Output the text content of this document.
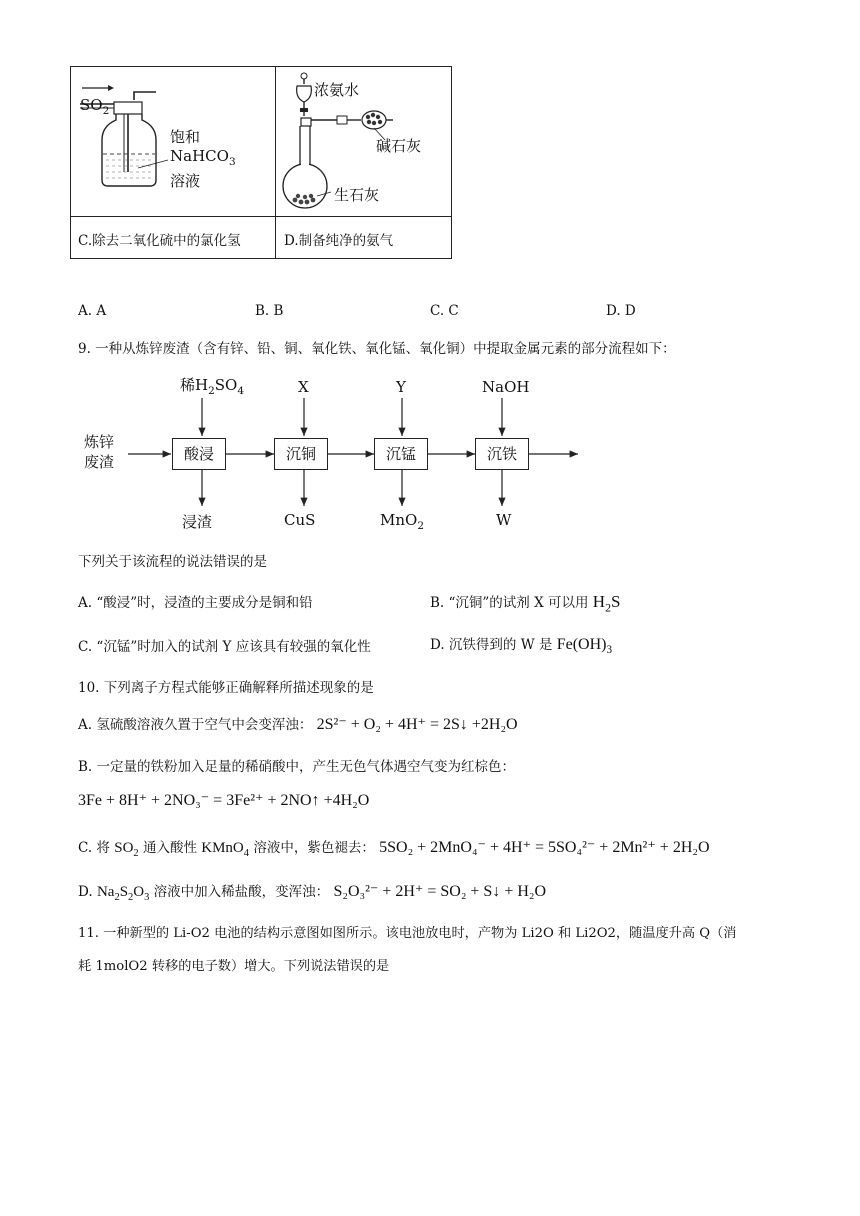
$SO_2$
饱和
NaHCO$_3$
溶液
C.除去二氧化硫中的氯化氢
浓氨水
碱石灰
生石灰
D.制备纯净的氨气
A. A	B. B	C. C	D. D
9. 一种从炼锌废渣（含有锌、铅、铜、氧化铁、氧化锰、氧化铜）中提取金属元素的部分流程如下：
炼锌
废渣	酸浸	沉铜	沉锰	沉铁
稀$H_2SO_4$	X	Y	NaOH
浸渣	CuS	MnO$_2$	W
下列关于该流程的说法错误的是
A. “酸浸”时，浸渣的主要成分是铜和铅	B. “沉铜”的试剂 X 可以用 $H_2S$
C. “沉锰”时加入的试剂 Y 应该具有较强的氧化性	D. 沉铁得到的 W 是 $Fe(OH)_3$
10. 下列离子方程式能够正确解释所描述现象的是
A. 氢硫酸溶液久置于空气中会变浑浊： 2S²⁻ + O₂ + 4H⁺ = 2S↓ +2H₂O
B. 一定量的铁粉加入足量的稀硝酸中，产生无色气体遇空气变为红棕色：
3Fe + 8H⁺ + 2NO₃⁻ = 3Fe²⁺ + 2NO↑ +4H₂O
C. 将 $SO_2$ 通入酸性 KMnO$_4$ 溶液中，紫色褪去： 5SO₂ + 2MnO₄⁻ + 4H⁺ = 5SO₄²⁻ + 2Mn²⁺ + 2H₂O
D. $Na_2S_2O_3$ 溶液中加入稀盐酸，变浑浊： S₂O₃²⁻ + 2H⁺ = SO₂ + S↓ + H₂O
11. 一种新型的 Li-O2 电池的结构示意图如图所示。该电池放电时，产物为 Li2O 和 Li2O2，随温度升高 Q（消
耗 1molO2 转移的电子数）增大。下列说法错误的是
